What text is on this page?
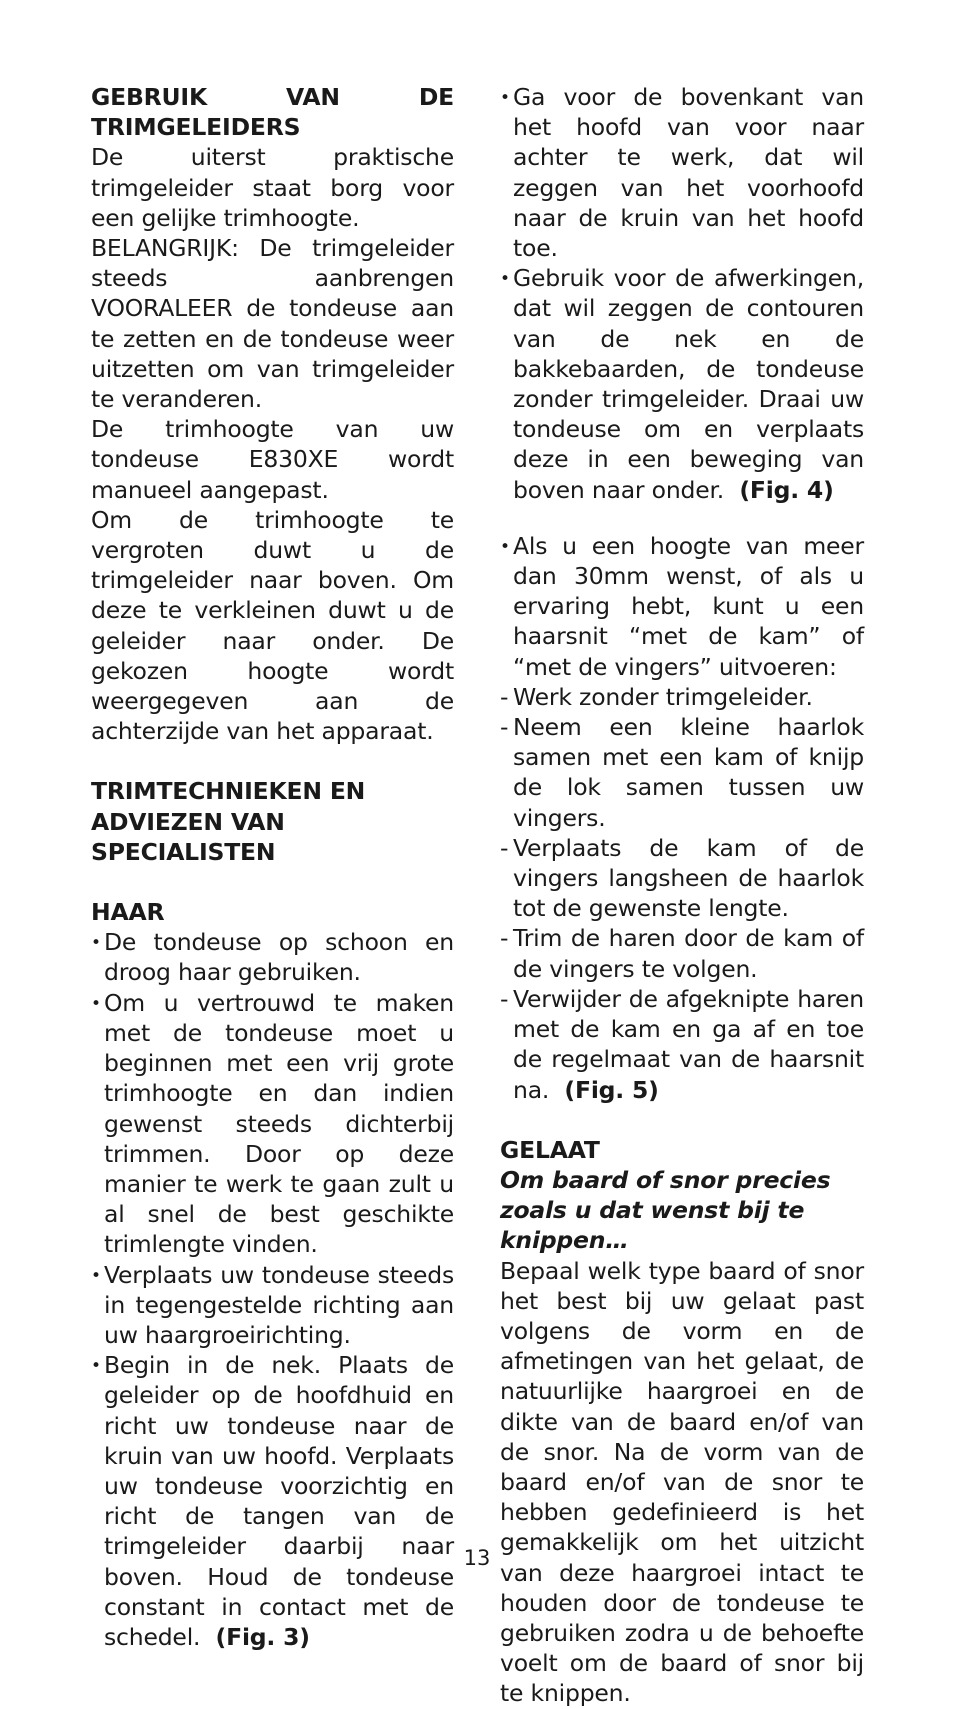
GEBRUIK VAN DE TRIMGELEIDERS

De uiterst praktische trimgeleider staat borg voor een gelijke trimhoogte.

BELANGRIJK: De trimgeleider steeds aanbrengen VOORALEER de tondeuse aan te zetten en de tondeuse weer uitzetten om van trimgeleider te veranderen.

De trimhoogte van uw tondeuse E830XE wordt manueel aangepast.

Om de trimhoogte te vergroten duwt u de trimgeleider naar boven. Om deze te verkleinen duwt u de geleider naar onder. De gekozen hoogte wordt weergegeven aan de achterzijde van het apparaat.

TRIMTECHNIEKEN EN ADVIEZEN VAN SPECIALISTEN

HAAR

• De tondeuse op schoon en droog haar gebruiken.
• Om u vertrouwd te maken met de tondeuse moet u beginnen met een vrij grote trimhoogte en dan indien gewenst steeds dichterbij trimmen. Door op deze manier te werk te gaan zult u al snel de best geschikte trimlengte vinden.
• Verplaats uw tondeuse steeds in tegengestelde richting aan uw haargroeirichting.
• Begin in de nek. Plaats de geleider op de hoofdhuid en richt uw tondeuse naar de kruin van uw hoofd. Verplaats uw tondeuse voorzichtig en richt de tangen van de trimgeleider daarbij naar boven. Houd de tondeuse constant in contact met de schedel.  (Fig. 3)
• Ga voor de bovenkant van het hoofd van voor naar achter te werk, dat wil zeggen van het voorhoofd naar de kruin van het hoofd toe.
• Gebruik voor de afwerkingen, dat wil zeggen de contouren van de nek en de bakkebaarden, de tondeuse zonder trimgeleider. Draai uw tondeuse om en verplaats deze in een beweging van boven naar onder.  (Fig. 4)
• Als u een hoogte van meer dan 30mm wenst, of als u ervaring hebt, kunt u een haarsnit “met de kam” of “met de vingers” uitvoeren:
- Werk zonder trimgeleider.
- Neem een kleine haarlok samen met een kam of knijp de lok samen tussen uw vingers.
- Verplaats de kam of de vingers langsheen de haarlok tot de gewenste lengte.
- Trim de haren door de kam of de vingers te volgen.
- Verwijder de afgeknipte haren met de kam en ga af en toe de regelmaat van de haarsnit na.  (Fig. 5)

GELAAT

Om baard of snor precies zoals u dat wenst bij te knippen…

Bepaal welk type baard of snor het best bij uw gelaat past volgens de vorm en de afmetingen van het gelaat, de natuurlijke haargroei en de dikte van de baard en/of van de snor. Na de vorm van de baard en/of van de snor te hebben gedefinieerd is het gemakkelijk om het uitzicht van deze haargroei intact te houden door de tondeuse te gebruiken zodra u de behoefte voelt om de baard of snor bij te knippen.

13
